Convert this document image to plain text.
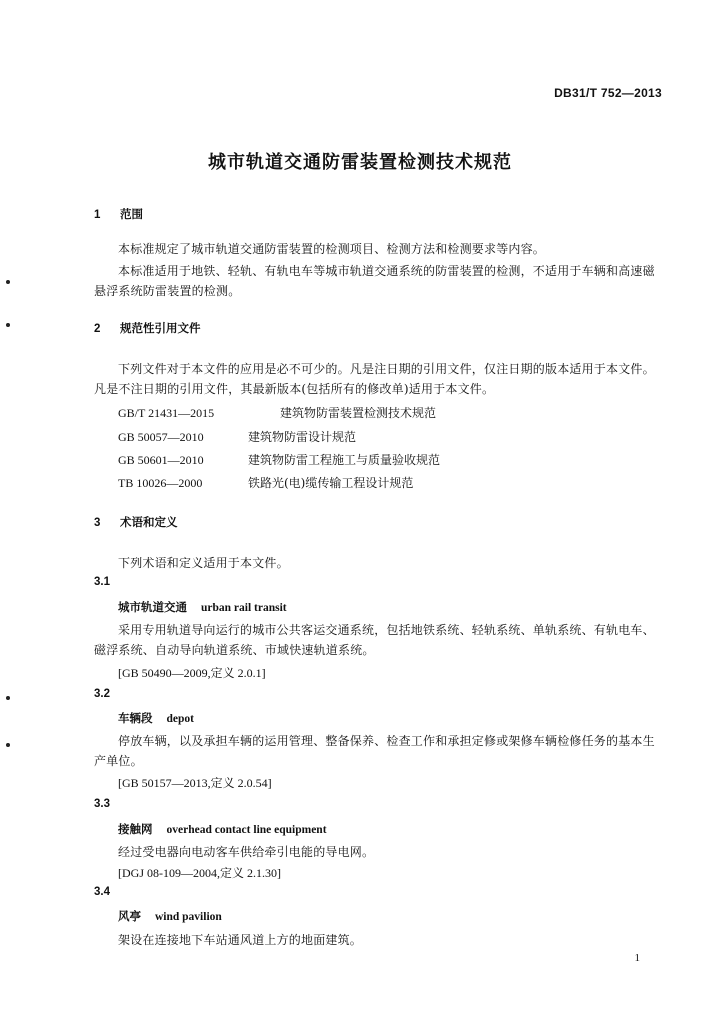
DB31/T 752—2013
城市轨道交通防雷装置检测技术规范
1 范围
本标准规定了城市轨道交通防雷装置的检测项目、检测方法和检测要求等内容。
本标准适用于地铁、轻轨、有轨电车等城市轨道交通系统的防雷装置的检测，不适用于车辆和高速磁悬浮系统防雷装置的检测。
2 规范性引用文件
下列文件对于本文件的应用是必不可少的。凡是注日期的引用文件，仅注日期的版本适用于本文件。凡是不注日期的引用文件，其最新版本(包括所有的修改单)适用于本文件。
GB/T 21431—2015	建筑物防雷装置检测技术规范
GB 50057—2010	建筑物防雷设计规范
GB 50601—2010	建筑物防雷工程施工与质量验收规范
TB 10026—2000	铁路光(电)缆传输工程设计规范
3 术语和定义
下列术语和定义适用于本文件。
3.1
城市轨道交通 urban rail transit
采用专用轨道导向运行的城市公共客运交通系统，包括地铁系统、轻轨系统、单轨系统、有轨电车、磁浮系统、自动导向轨道系统、市域快速轨道系统。
[GB 50490—2009,定义 2.0.1]
3.2
车辆段 depot
停放车辆，以及承担车辆的运用管理、整备保养、检查工作和承担定修或架修车辆检修任务的基本生产单位。
[GB 50157—2013,定义 2.0.54]
3.3
接触网 overhead contact line equipment
经过受电器向电动客车供给牵引电能的导电网。
[DGJ 08-109—2004,定义 2.1.30]
3.4
风亭 wind pavilion
架设在连接地下车站通风道上方的地面建筑。
1
